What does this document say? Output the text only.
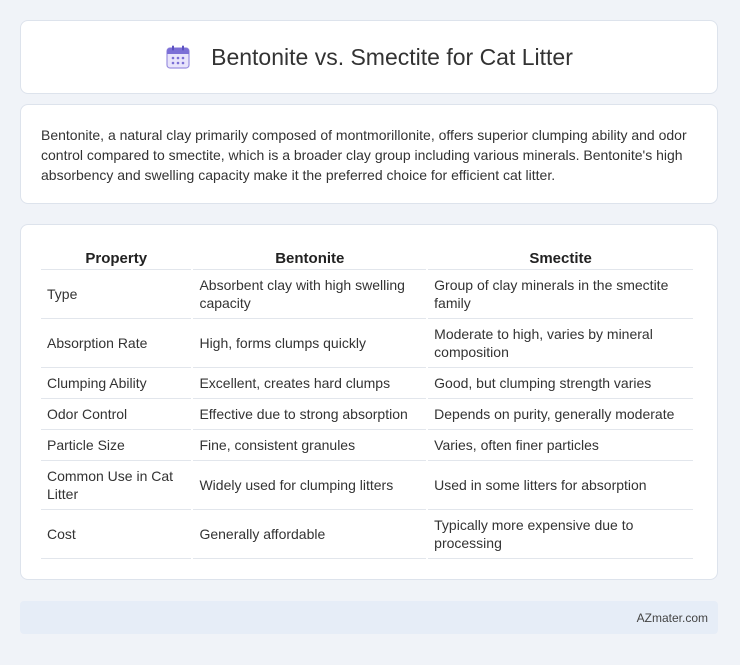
Bentonite vs. Smectite for Cat Litter

Bentonite, a natural clay primarily composed of montmorillonite, offers superior clumping ability and odor control compared to smectite, which is a broader clay group including various minerals. Bentonite's high absorbency and swelling capacity make it the preferred choice for efficient cat litter.

Property	Bentonite	Smectite
Type	Absorbent clay with high swelling capacity	Group of clay minerals in the smectite family
Absorption Rate	High, forms clumps quickly	Moderate to high, varies by mineral composition
Clumping Ability	Excellent, creates hard clumps	Good, but clumping strength varies
Odor Control	Effective due to strong absorption	Depends on purity, generally moderate
Particle Size	Fine, consistent granules	Varies, often finer particles
Common Use in Cat Litter	Widely used for clumping litters	Used in some litters for absorption
Cost	Generally affordable	Typically more expensive due to processing
AZmater.com
